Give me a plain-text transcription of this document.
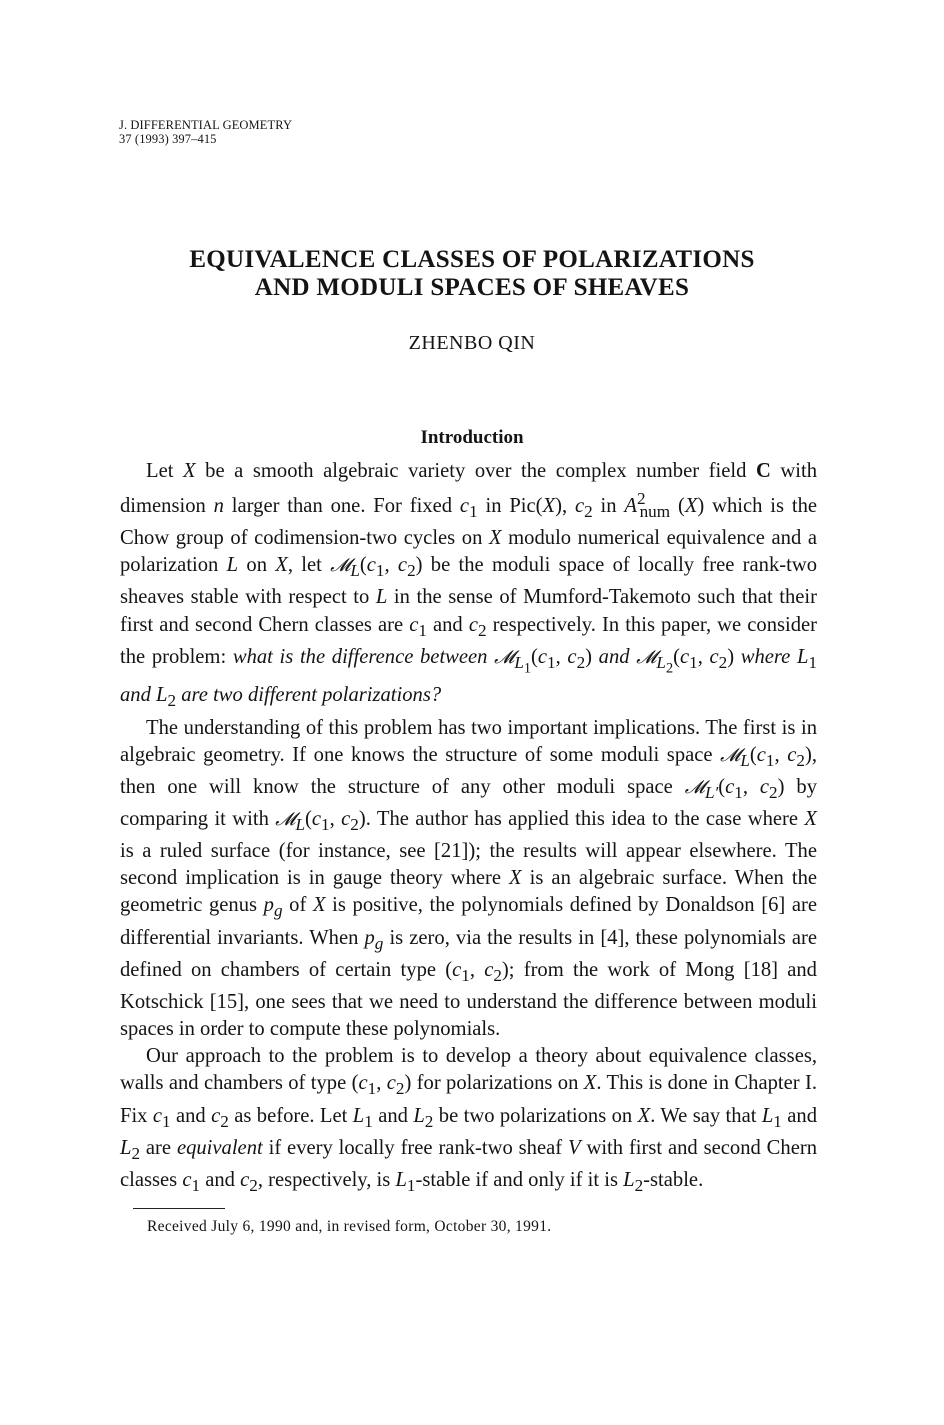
J. DIFFERENTIAL GEOMETRY
37 (1993) 397–415
EQUIVALENCE CLASSES OF POLARIZATIONS
AND MODULI SPACES OF SHEAVES
ZHENBO QIN
Introduction

Let X be a smooth algebraic variety over the complex number field C with dimension n larger than one. For fixed $c_1$ in Pic(X), $c_2$ in $A^2_{num}$ (X) which is the Chow group of codimension-two cycles on X modulo numerical equivalence and a polarization L on X, let $𝓜_L(c_1$, $c_2$) be the moduli space of locally free rank-two sheaves stable with respect to L in the sense of Mumford-Takemoto such that their first and second Chern classes are $c_1$ and $c_2$ respectively. In this paper, we consider the problem: what is the difference between $𝓜_{L_1}(c_1$, $c_2$) and $𝓜_{L_2}(c_1$, $c_2$) where $L_1$ and $L_2$ are two different polarizations?

The understanding of this problem has two important implications. The first is in algebraic geometry. If one knows the structure of some moduli space $𝓜_L(c_1$, $c_2$), then one will know the structure of any other moduli space $𝓜_{L'}(c_1$, $c_2$) by comparing it with $𝓜_L(c_1$, $c_2$). The author has applied this idea to the case where X is a ruled surface (for instance, see [21]); the results will appear elsewhere. The second implication is in gauge theory where X is an algebraic surface. When the geometric genus $p_g$ of X is positive, the polynomials defined by Donaldson [6] are differential invariants. When $p_g$ is zero, via the results in [4], these polynomials are defined on chambers of certain type ($c_1$, $c_2$); from the work of Mong [18] and Kotschick [15], one sees that we need to understand the difference between moduli spaces in order to compute these polynomials.

Our approach to the problem is to develop a theory about equivalence classes, walls and chambers of type ($c_1$, $c_2$) for polarizations on X. This is done in Chapter I. Fix $c_1$ and $c_2$ as before. Let $L_1$ and $L_2$ be two polarizations on X. We say that $L_1$ and $L_2$ are equivalent if every locally free rank-two sheaf V with first and second Chern classes $c_1$ and $c_2$, respectively, is $L_1$-stable if and only if it is $L_2$-stable.

Received July 6, 1990 and, in revised form, October 30, 1991.
